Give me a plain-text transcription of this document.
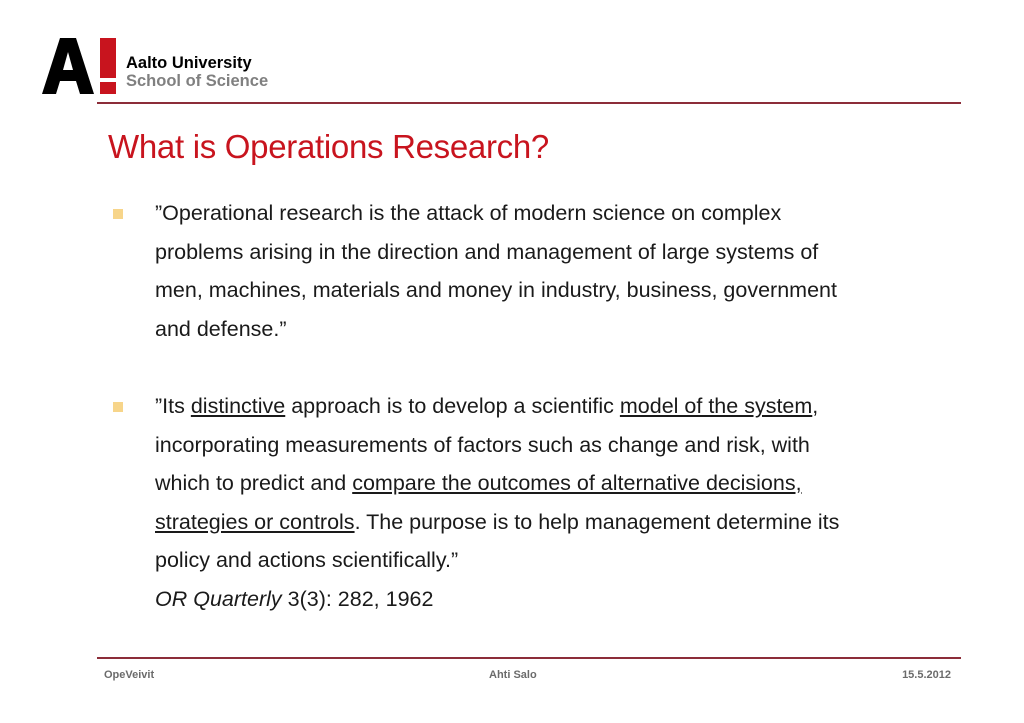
Aalto University
School of Science
What is Operations Research?
”Operational research is the attack of modern science on complex
problems arising in the direction and management of large systems of
men, machines, materials and money in industry, business, government
and defense.”
”Its distinctive approach is to develop a scientific model of the system,
incorporating measurements of factors such as change and risk, with
which to predict and compare the outcomes of alternative decisions,
strategies or controls. The purpose is to help management determine its
policy and actions scientifically.”
OR Quarterly 3(3): 282, 1962
OpeVeivit	Ahti Salo	15.5.2012
